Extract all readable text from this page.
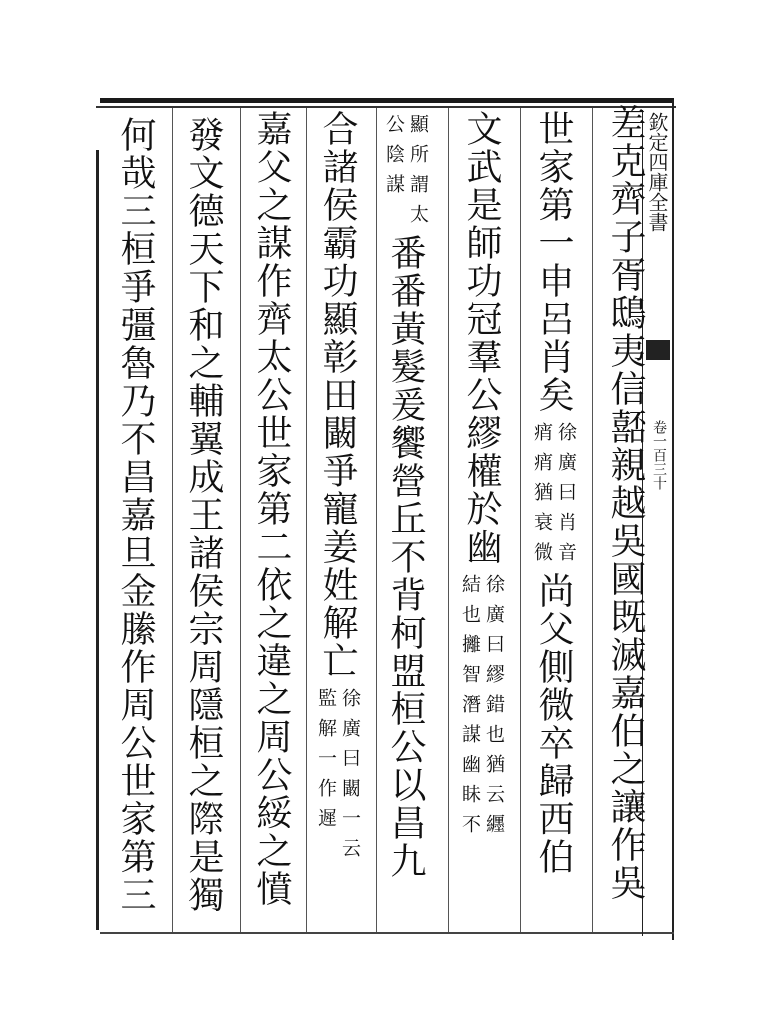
欽定四庫全書
卷一百三十
差克齊子胥鴟夷信嚭親越吳國既滅嘉伯之讓作吳
世家第一申呂肖矣
徐廣曰肖音
痟痟猶衰微
尚父側微卒歸西伯
文武是師功冠羣公繆權於幽
徐廣曰繆錯也猶云纒
結也攡智潛謀幽眛不
顯所謂太
公陰謀
番番黃髮爰饗營丘不背柯盟桓公以昌九
合諸侯霸功顯彰田闞爭寵姜姓解亡
徐廣曰闞一云
監解一作遲
嘉父之謀作齊太公世家第二依之違之周公綏之憤
發文德天下和之輔翼成王諸侯宗周隱桓之際是獨
何哉三桓爭彊魯乃不昌嘉旦金縢作周公世家第三
